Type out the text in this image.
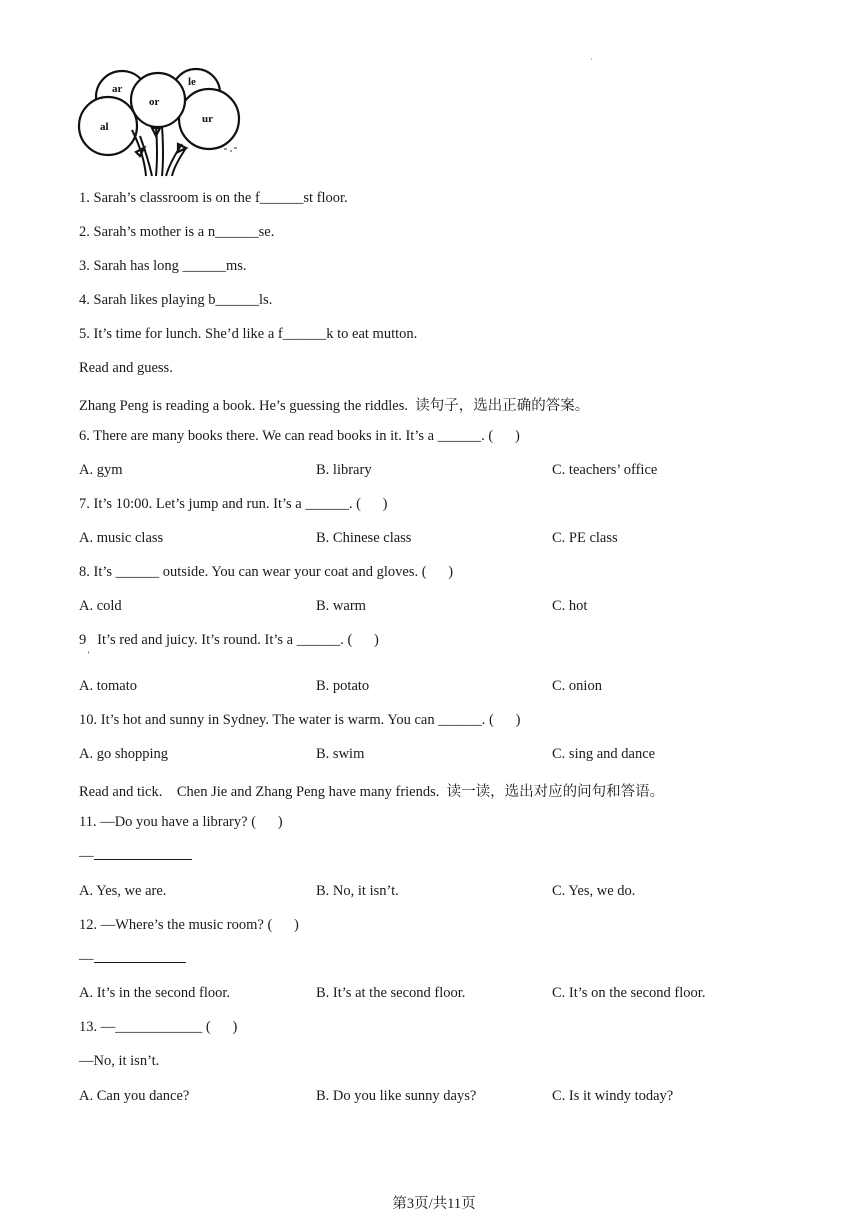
·
ar
or
le
al
ur
1. Sarah’s classroom is on the f______st floor.
2. Sarah’s mother is a n______se.
3. Sarah has long ______ms.
4. Sarah likes playing b______ls.
5. It’s time for lunch. She’d like a f______k to eat mutton.
Read and guess.
Zhang Peng is reading a book. He’s guessing the riddles.  读句子，选出正确的答案。
6. There are many books there. We can read books in it. It’s a ______. (      )
A. gym	B. library	C. teachers’ office
7. It’s 10:00. Let’s jump and run. It’s a ______. (      )
A. music class	B. Chinese class	C. PE class
8. It’s ______ outside. You can wear your coat and gloves. (      )
A. cold	B. warm	C. hot
9   It’s red and juicy. It’s round. It’s a ______. (      )
ʼ
A. tomato	B. potato	C. onion
10. It’s hot and sunny in Sydney. The water is warm. You can ______. (      )
A. go shopping	B. swim	C. sing and dance
Read and tick.    Chen Jie and Zhang Peng have many friends.  读一读，选出对应的问句和答语。
11. —Do you have a library? (      )
—
A. Yes, we are.	B. No, it isn’t.	C. Yes, we do.
12. —Where’s the music room? (      )
—
A. It’s in the second floor.	B. It’s at the second floor.	C. It’s on the second floor.
13. —____________ (      )
—No, it isn’t.
A. Can you dance?	B. Do you like sunny days?	C. Is it windy today?
第3页/共11页
